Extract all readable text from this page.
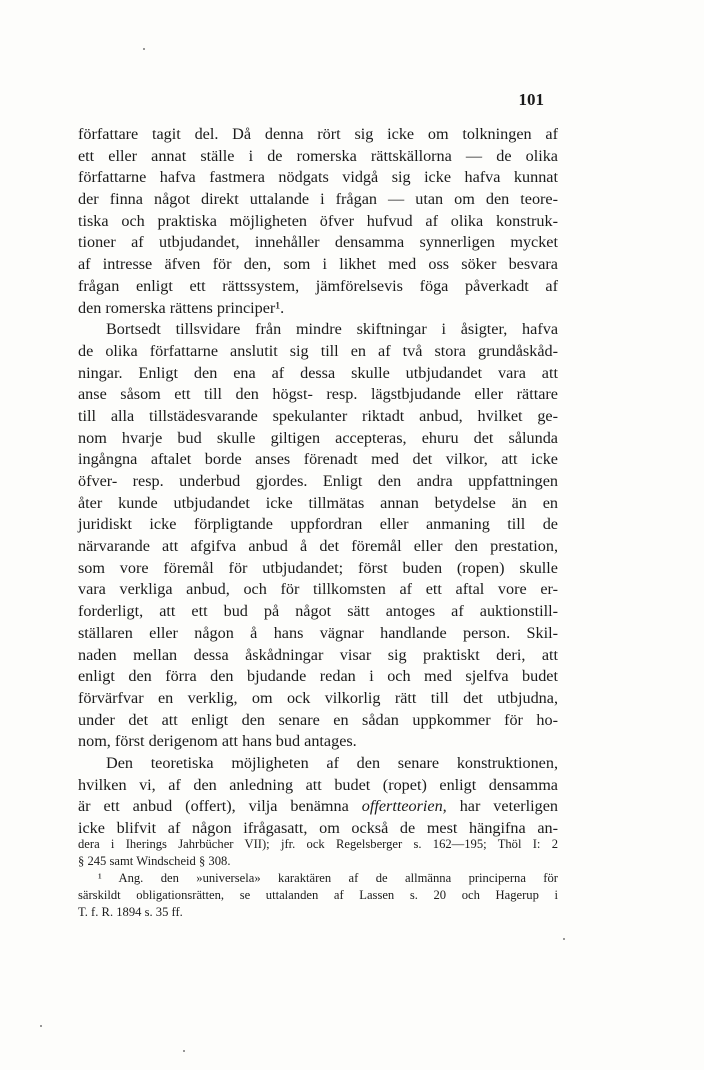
101
författare tagit del. Då denna rört sig icke om tolkningen af
ett eller annat ställe i de romerska rättskällorna — de olika
författarne hafva fastmera nödgats vidgå sig icke hafva kunnat
der finna något direkt uttalande i frågan — utan om den teore-
tiska och praktiska möjligheten öfver hufvud af olika konstruk-
tioner af utbjudandet, innehåller densamma synnerligen mycket
af intresse äfven för den, som i likhet med oss söker besvara
frågan enligt ett rättssystem, jämförelsevis föga påverkadt af
den romerska rättens principer¹.
Bortsedt tillsvidare från mindre skiftningar i åsigter, hafva
de olika författarne anslutit sig till en af två stora grundåskåd-
ningar. Enligt den ena af dessa skulle utbjudandet vara att
anse såsom ett till den högst- resp. lägstbjudande eller rättare
till alla tillstädesvarande spekulanter riktadt anbud, hvilket ge-
nom hvarje bud skulle giltigen accepteras, ehuru det sålunda
ingångna aftalet borde anses förenadt med det vilkor, att icke
öfver- resp. underbud gjordes. Enligt den andra uppfattningen
åter kunde utbjudandet icke tillmätas annan betydelse än en
juridiskt icke förpligtande uppfordran eller anmaning till de
närvarande att afgifva anbud å det föremål eller den prestation,
som vore föremål för utbjudandet; först buden (ropen) skulle
vara verkliga anbud, och för tillkomsten af ett aftal vore er-
forderligt, att ett bud på något sätt antoges af auktionstill-
ställaren eller någon å hans vägnar handlande person. Skil-
naden mellan dessa åskådningar visar sig praktiskt deri, att
enligt den förra den bjudande redan i och med sjelfva budet
förvärfvar en verklig, om ock vilkorlig rätt till det utbjudna,
under det att enligt den senare en sådan uppkommer för ho-
nom, först derigenom att hans bud antages.
Den teoretiska möjligheten af den senare konstruktionen,
hvilken vi, af den anledning att budet (ropet) enligt densamma
är ett anbud (offert), vilja benämna offertteorien, har veterligen
icke blifvit af någon ifrågasatt, om också de mest hängifna an-
dera i Iherings Jahrbücher VII); jfr. ock Regelsberger s. 162—195; Thöl I: 2
§ 245 samt Windscheid § 308.
¹ Ang. den »universela» karaktären af de allmänna principerna för
särskildt obligationsrätten, se uttalanden af Lassen s. 20 och Hagerup i
T. f. R. 1894 s. 35 ff.
